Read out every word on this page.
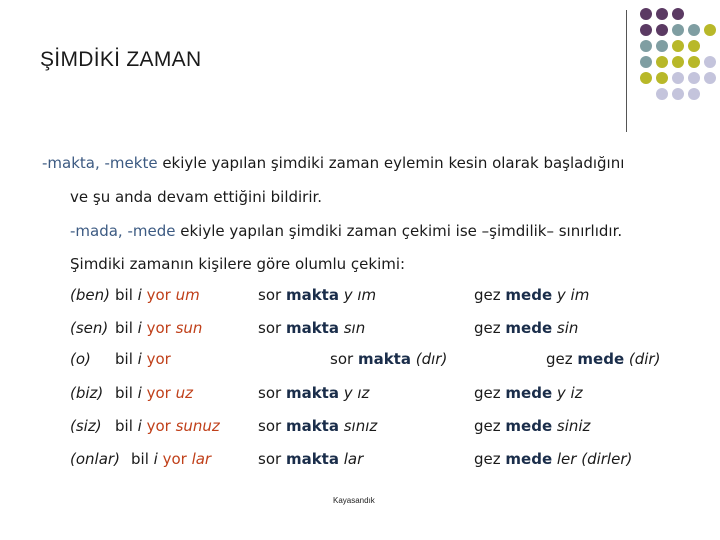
ŞİMDİKİ ZAMAN
-makta, -mekte ekiyle yapılan şimdiki zaman eylemin kesin olarak başladığını
ve şu anda devam ettiğini bildirir.
-mada, -mede ekiyle yapılan şimdiki zaman çekimi ise –şimdilik– sınırlıdır.
Şimdiki zamanın kişilere göre olumlu çekimi:
(ben) bil i yor um	sor makta y ım	gez mede y im
(sen) bil i yor sun	sor makta sın	gez mede sin
(o) bil i yor	sor makta (dır)	gez mede (dir)
(biz) bil i yor uz	sor makta y ız	gez mede y iz
(siz) bil i yor sunuz	sor makta sınız	gez mede siniz
(onlar) bil i yor lar	sor makta lar	gez mede ler (dirler)
Kayasandık
